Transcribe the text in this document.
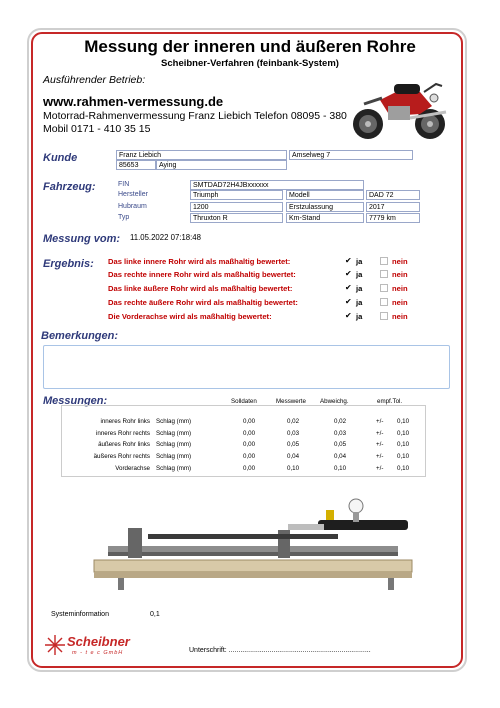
Messung der inneren und äußeren Rohre
Scheibner-Verfahren (feinbank-System)
Ausführender Betrieb:
www.rahmen-vermessung.de
Motorrad-Rahmenvermessung Franz Liebich Telefon 08095 - 380
Mobil 0171 - 410 35 15
Kunde	Franz Liebich	Amselweg 7
85653	Aying
Fahrzeug:	FIN	SMTDAD72H4JBxxxxxx
Hersteller	Triumph	Modell	DAD 72
Hubraum	1200	Erstzulassung	2017
Typ	Thruxton R	Km-Stand	7779 km
Messung vom: 11.05.2022 07:18:48
Ergebnis: Das linke innere Rohr wird als maßhaltig bewertet:	✔ ja	nein
Das rechte innere Rohr wird als maßhaltig bewertet:	✔ ja	nein
Das linke äußere Rohr wird als maßhaltig bewertet:	✔ ja	nein
Das rechte äußere Rohr wird als maßhaltig bewertet:	✔ ja	nein
Die Vorderachse wird als maßhaltig bewertet:	✔ ja	nein
Bemerkungen:
Messungen:	Solldaten	Messwerte Abweichg.	empf.Tol.
inneres Rohr links Schlag (mm)	0,00	0,02	0,02	+/- 0,10
inneres Rohr rechts Schlag (mm)	0,00	0,03	0,03	+/- 0,10
äußeres Rohr links Schlag (mm)	0,00	0,05	0,05	+/- 0,10
äußeres Rohr rechts Schlag (mm)	0,00	0,04	0,04	+/- 0,10
Vorderachse Schlag (mm)	0,00	0,10	0,10	+/- 0,10
Systeminformation	0,1
Scheibner
m - t e c GmbH	Unterschrift: .........................................................................
